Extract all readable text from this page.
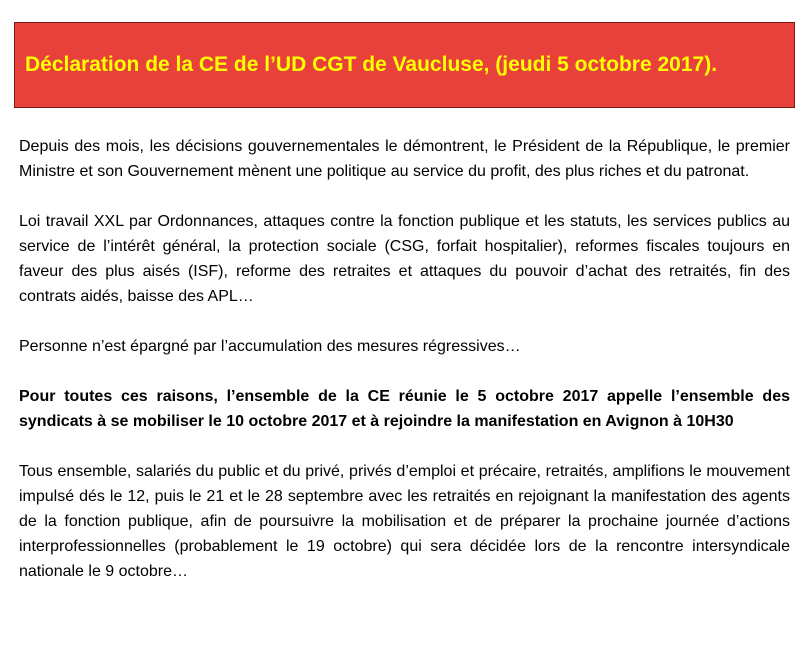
Déclaration de la CE de l’UD CGT de Vaucluse, (jeudi 5 octobre 2017).

Depuis des mois, les décisions gouvernementales le démontrent, le Président de la République, le premier Ministre et son Gouvernement mènent une politique au service du profit, des plus riches et du patronat.

Loi travail XXL par Ordonnances, attaques contre la fonction publique et les statuts, les services publics au service de l’intérêt général, la protection sociale (CSG, forfait hospitalier), reformes fiscales toujours en faveur des plus aisés (ISF), reforme des retraites et attaques du pouvoir d’achat des retraités, fin des contrats aidés, baisse des APL…

Personne n’est épargné par l’accumulation des mesures régressives…

Pour toutes ces raisons, l’ensemble de la CE réunie le 5 octobre 2017 appelle l’ensemble des syndicats à se mobiliser le 10 octobre 2017 et à rejoindre la manifestation en Avignon à 10H30

Tous ensemble, salariés du public et du privé, privés d’emploi et précaire, retraités, amplifions le mouvement impulsé dés le 12, puis le 21 et le 28 septembre avec les retraités en rejoignant la manifestation des agents de la fonction publique, afin de poursuivre la mobilisation et de préparer la prochaine journée d’actions interprofessionnelles (probablement le 19 octobre) qui sera décidée lors de la rencontre intersyndicale nationale le 9 octobre…
